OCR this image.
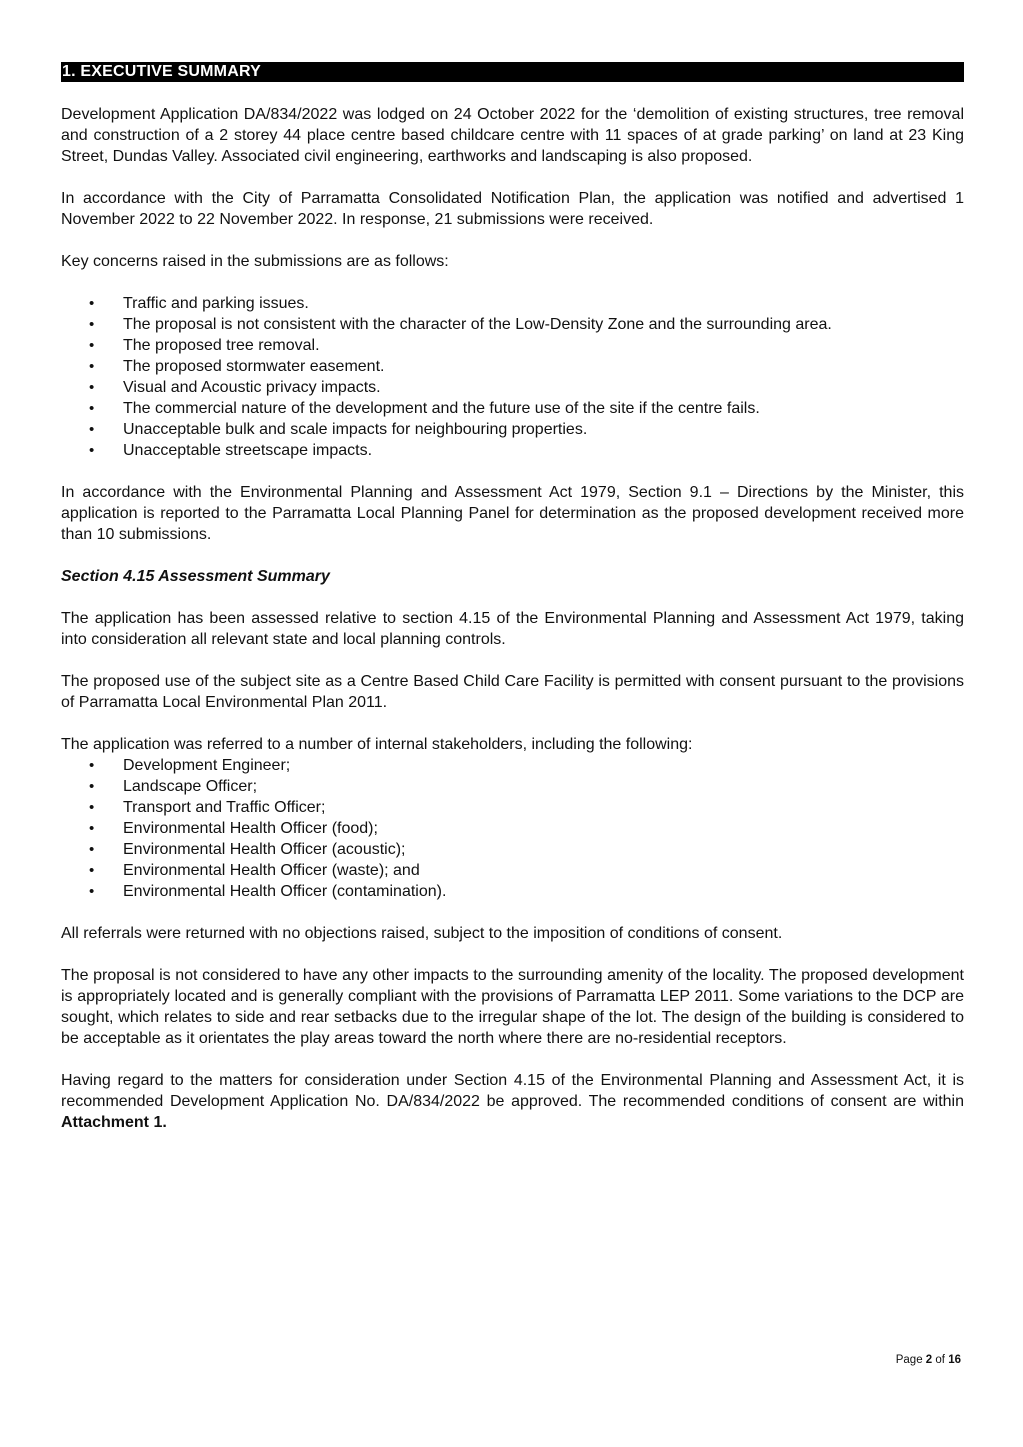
1. EXECUTIVE SUMMARY

Development Application DA/834/2022 was lodged on 24 October 2022 for the ‘demolition of existing structures, tree removal and construction of a 2 storey 44 place centre based childcare centre with 11 spaces of at grade parking’ on land at 23 King Street, Dundas Valley. Associated civil engineering, earthworks and landscaping is also proposed.

In accordance with the City of Parramatta Consolidated Notification Plan, the application was notified and advertised 1 November 2022 to 22 November 2022. In response, 21 submissions were received.

Key concerns raised in the submissions are as follows:

• Traffic and parking issues.
• The proposal is not consistent with the character of the Low-Density Zone and the surrounding area.
• The proposed tree removal.
• The proposed stormwater easement.
• Visual and Acoustic privacy impacts.
• The commercial nature of the development and the future use of the site if the centre fails.
• Unacceptable bulk and scale impacts for neighbouring properties.
• Unacceptable streetscape impacts.

In accordance with the Environmental Planning and Assessment Act 1979, Section 9.1 – Directions by the Minister, this application is reported to the Parramatta Local Planning Panel for determination as the proposed development received more than 10 submissions.

Section 4.15 Assessment Summary

The application has been assessed relative to section 4.15 of the Environmental Planning and Assessment Act 1979, taking into consideration all relevant state and local planning controls.

The proposed use of the subject site as a Centre Based Child Care Facility is permitted with consent pursuant to the provisions of Parramatta Local Environmental Plan 2011.

The application was referred to a number of internal stakeholders, including the following:

• Development Engineer;
• Landscape Officer;
• Transport and Traffic Officer;
• Environmental Health Officer (food);
• Environmental Health Officer (acoustic);
• Environmental Health Officer (waste); and
• Environmental Health Officer (contamination).

All referrals were returned with no objections raised, subject to the imposition of conditions of consent.

The proposal is not considered to have any other impacts to the surrounding amenity of the locality. The proposed development is appropriately located and is generally compliant with the provisions of Parramatta LEP 2011. Some variations to the DCP are sought, which relates to side and rear setbacks due to the irregular shape of the lot. The design of the building is considered to be acceptable as it orientates the play areas toward the north where there are no-residential receptors.

Having regard to the matters for consideration under Section 4.15 of the Environmental Planning and Assessment Act, it is recommended Development Application No. DA/834/2022 be approved. The recommended conditions of consent are within Attachment 1.

Page 2 of 16
